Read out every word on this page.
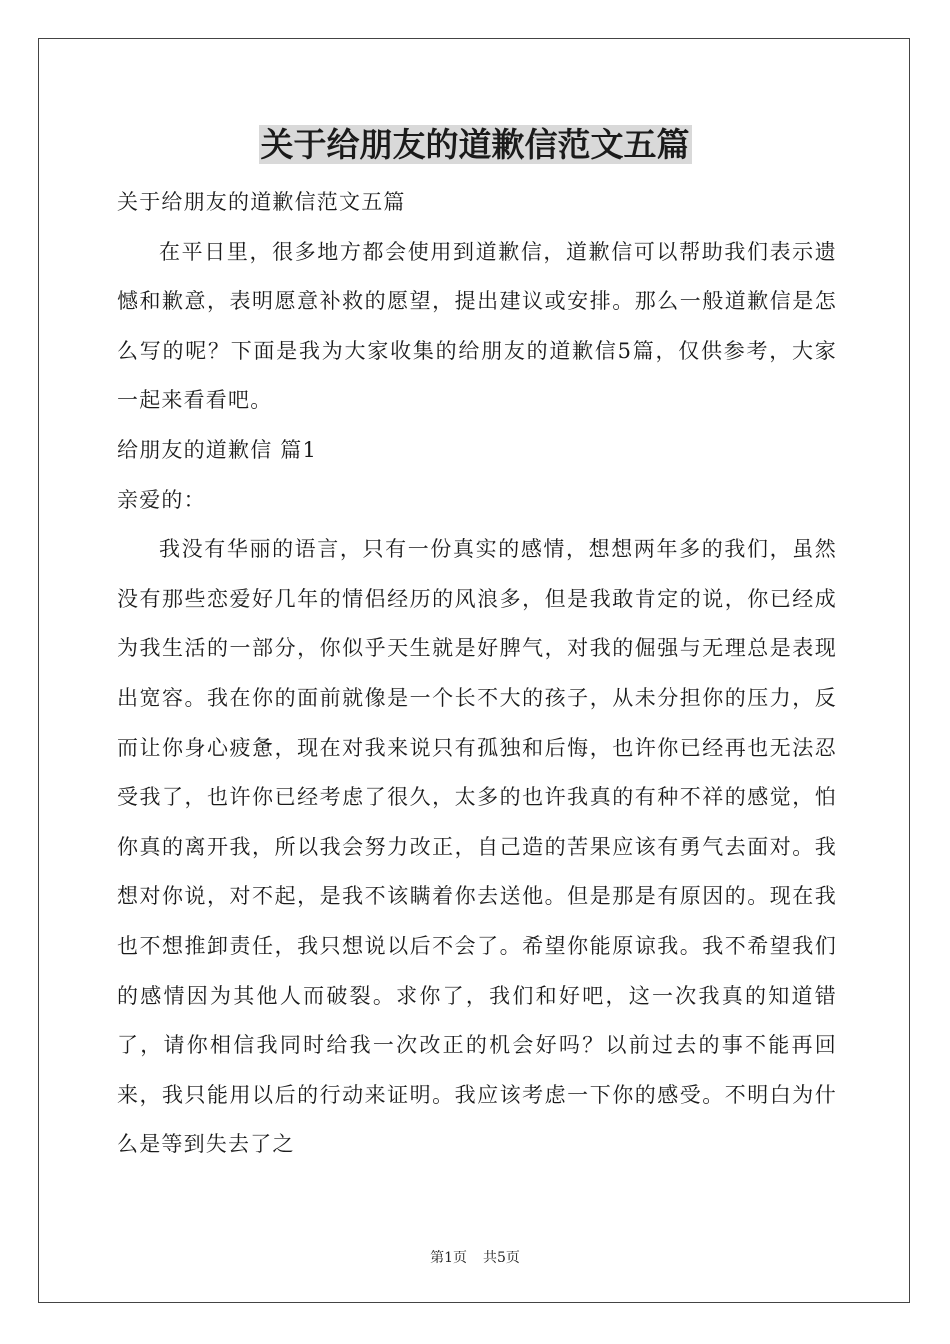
关于给朋友的道歉信范文五篇

关于给朋友的道歉信范文五篇

在平日里，很多地方都会使用到道歉信，道歉信可以帮助我们表示遗憾和歉意，表明愿意补救的愿望，提出建议或安排。那么一般道歉信是怎么写的呢？下面是我为大家收集的给朋友的道歉信5篇，仅供参考，大家一起来看看吧。

给朋友的道歉信 篇1

亲爱的：

我没有华丽的语言，只有一份真实的感情，想想两年多的我们，虽然没有那些恋爱好几年的情侣经历的风浪多，但是我敢肯定的说，你已经成为我生活的一部分，你似乎天生就是好脾气，对我的倔强与无理总是表现出宽容。我在你的面前就像是一个长不大的孩子，从未分担你的压力，反而让你身心疲惫，现在对我来说只有孤独和后悔，也许你已经再也无法忍受我了，也许你已经考虑了很久，太多的也许我真的有种不祥的感觉，怕你真的离开我，所以我会努力改正，自己造的苦果应该有勇气去面对。我想对你说，对不起，是我不该瞒着你去送他。但是那是有原因的。现在我也不想推卸责任，我只想说以后不会了。希望你能原谅我。我不希望我们的感情因为其他人而破裂。求你了，我们和好吧，这一次我真的知道错了，请你相信我同时给我一次改正的机会好吗？以前过去的事不能再回来，我只能用以后的行动来证明。我应该考虑一下你的感受。不明白为什么是等到失去了之

第1页 共5页
